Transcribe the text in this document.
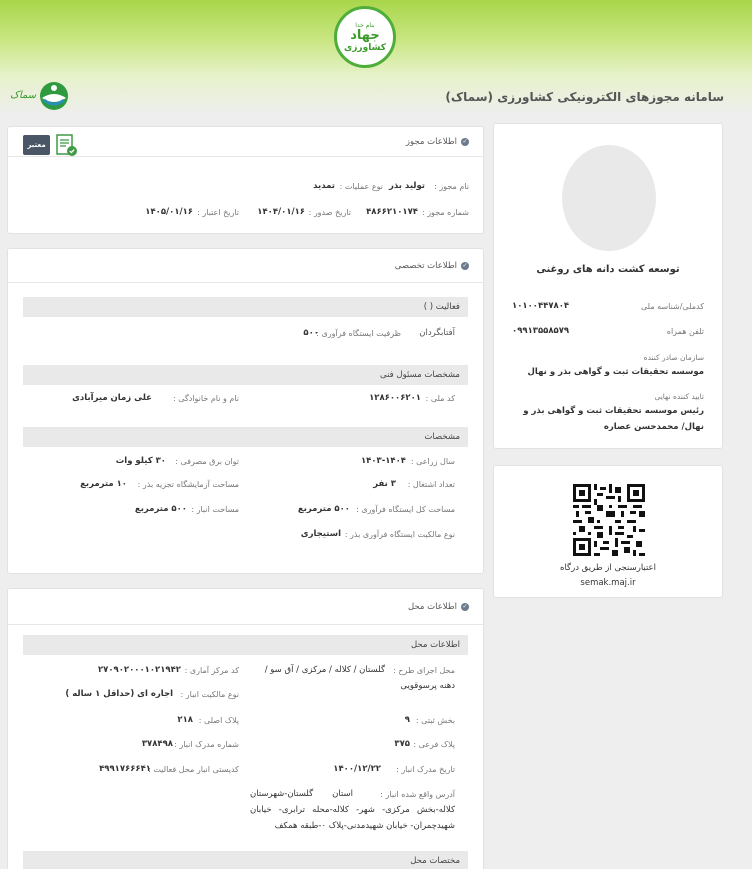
بنام خدا
جهاد
کشاورزی
سماک	سامانه مجوزهای الکترونیکی کشاورزی (سماک)
✓
اطلاعات مجوز
معتبر
نام مجوز :
تولید بذر
نوع عملیات :
تمدید
شماره مجوز :
۴۸۶۶۲۱۰۱۷۴
تاریخ صدور :
۱۴۰۴/۰۱/۱۶
تاریخ اعتبار :
۱۴۰۵/۰۱/۱۶
✓
اطلاعات تخصصی
فعالیت ( )
آفتابگردان
ظرفیت ایستگاه فرآوری :
۵۰۰
مشخصات مسئول فنی
کد ملی :
۱۲۸۶۰۰۶۲۰۱
نام و نام خانوادگی :
علی زمان میرآبادی
مشخصات
سال زراعی :
۱۴۰۳-۱۴۰۴
توان برق مصرفی :
۳۰ کیلو وات
تعداد اشتغال :
۳ نفر
مساحت آزمایشگاه تجزیه بذر :
۱۰ مترمربع
مساحت کل ایستگاه فرآوری :
۵۰۰ مترمربع
مساحت انبار :
۵۰۰ مترمربع
نوع مالکیت ایستگاه فرآوری بذر :
استیجاری
✓
اطلاعات محل
اطلاعات محل
محل اجرای طرح :
گلستان / کلاله / مرکزی / آق سو / دهنه پرسوقویی
کد مرکز آماری :
۲۷۰۹۰۲۰۰۰۱۰۲۱۹۴۲
نوع مالکیت انبار :
اجاره ای (حداقل ۱ ساله )
بخش ثبتی :
۹
پلاک اصلی :
۲۱۸
پلاک فرعی :
۳۷۵
شماره مدرک انبار :
۳۷۸۴۹۸
تاریخ مدرک انبار :
۱۴۰۰/۱۲/۲۲
کدپستی انبار محل فعالیت :
۴۹۹۱۷۶۶۶۴۱
آدرس واقع شده انبار :
استان گلستان-شهرستان کلاله-بخش مرکزی- شهر- کلاله-محله ترابری- خیابان شهیدچمران- خیابان شهیدمدنی-پلاک ۰-طبقه همکف
مختصات محل
توسعه کشت دانه های روغنی
کدملی/شناسه ملی
۱۰۱۰۰۴۴۷۸۰۴
تلفن همراه
۰۹۹۱۳۵۵۸۵۷۹
سازمان صادر کننده
موسسه تحقیقات ثبت و گواهی بذر و نهال
تایید کننده نهایی
رئیس موسسه تحقیقات ثبت و گواهی بذر و نهال/ محمدحسن عصاره
اعتبارسنجی از طریق درگاه
semak.maj.ir
